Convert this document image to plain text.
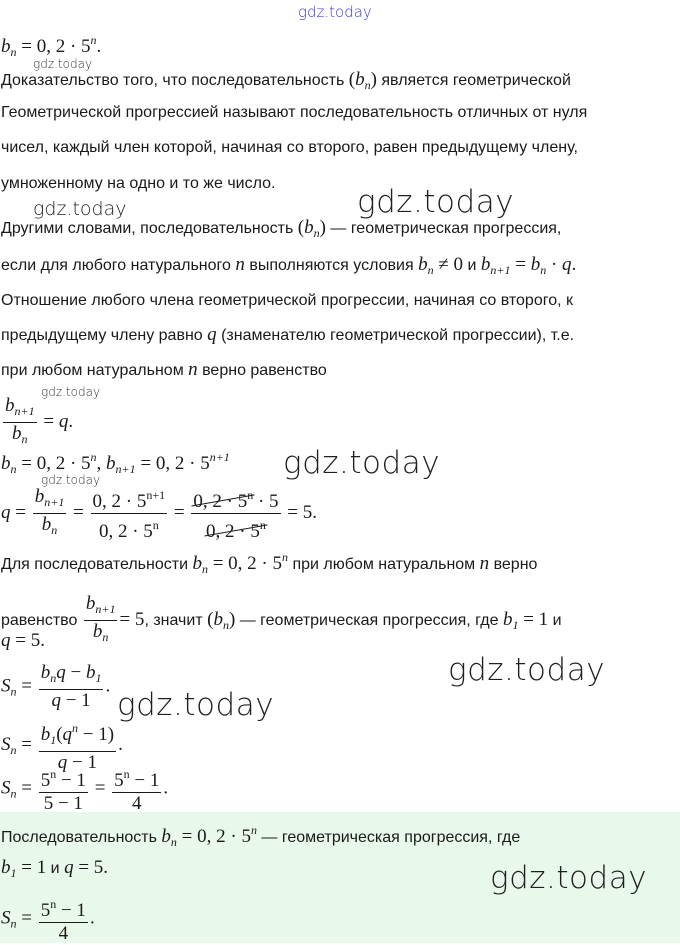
gdz.today
gdz.today
gdz.today
gdz.today
gdz.today
gdz.today
gdz.today
gdz.today
gdz.today
gdz.today
$b_n = 0$, $2 \cdot 5^n$.
Доказательство того, что последовательность $(b_n)$ является геометрической
Геометрической прогрессией называют последовательность отличных от нуля
чисел, каждый член которой, начиная со второго, равен предыдущему члену,
умноженному на одно и то же число.
Другими словами, последовательность $(b_n)$ — геометрическая прогрессия,
если для любого натурального n выполняются условия $b_n \ne 0$ и $b_{n+1} = b_n \cdot q$.
Отношение любого члена геометрической прогрессии, начиная со второго, к
предыдущему члену равно q (знаменателю геометрической прогрессии), т.е.
при любом натуральном n верно равенство
$\frac{b_{n+1}}{b_n} = q$.
$b_n = 0$, $2 \cdot 5^n$, $b_{n+1} = 0$, $2 \cdot 5^{n+1}$
$q = \frac{b_{n+1}}{b_n} = \frac{0, 2 \cdot 5^{n+1}}{0, 2 \cdot 5^n} = \frac{0, 2 \cdot 5^n \cdot 5}{0, 2 \cdot 5^n} = 5$.
Для последовательности $b_n = 0$, $2 \cdot 5^n$ при любом натуральном n верно
равенство $\frac{b_{n+1}}{b_n} = 5$, значит $(b_n)$ — геометрическая прогрессия, где $b_1 = 1$ и
q = 5.
$S_n = \frac{b_nq - b_1}{q - 1}$ .
$S_n = \frac{b_1(q^n - 1)}{q - 1}$ .
$S_n = \frac{5^n - 1}{5 - 1} = \frac{5^n - 1}{4}$ .
Последовательность $b_n = 0$, $2 \cdot 5^n$ — геометрическая прогрессия, где
$b_1 = 1$ и q = 5.
$S_n = \frac{5^n - 1}{4}$ .
